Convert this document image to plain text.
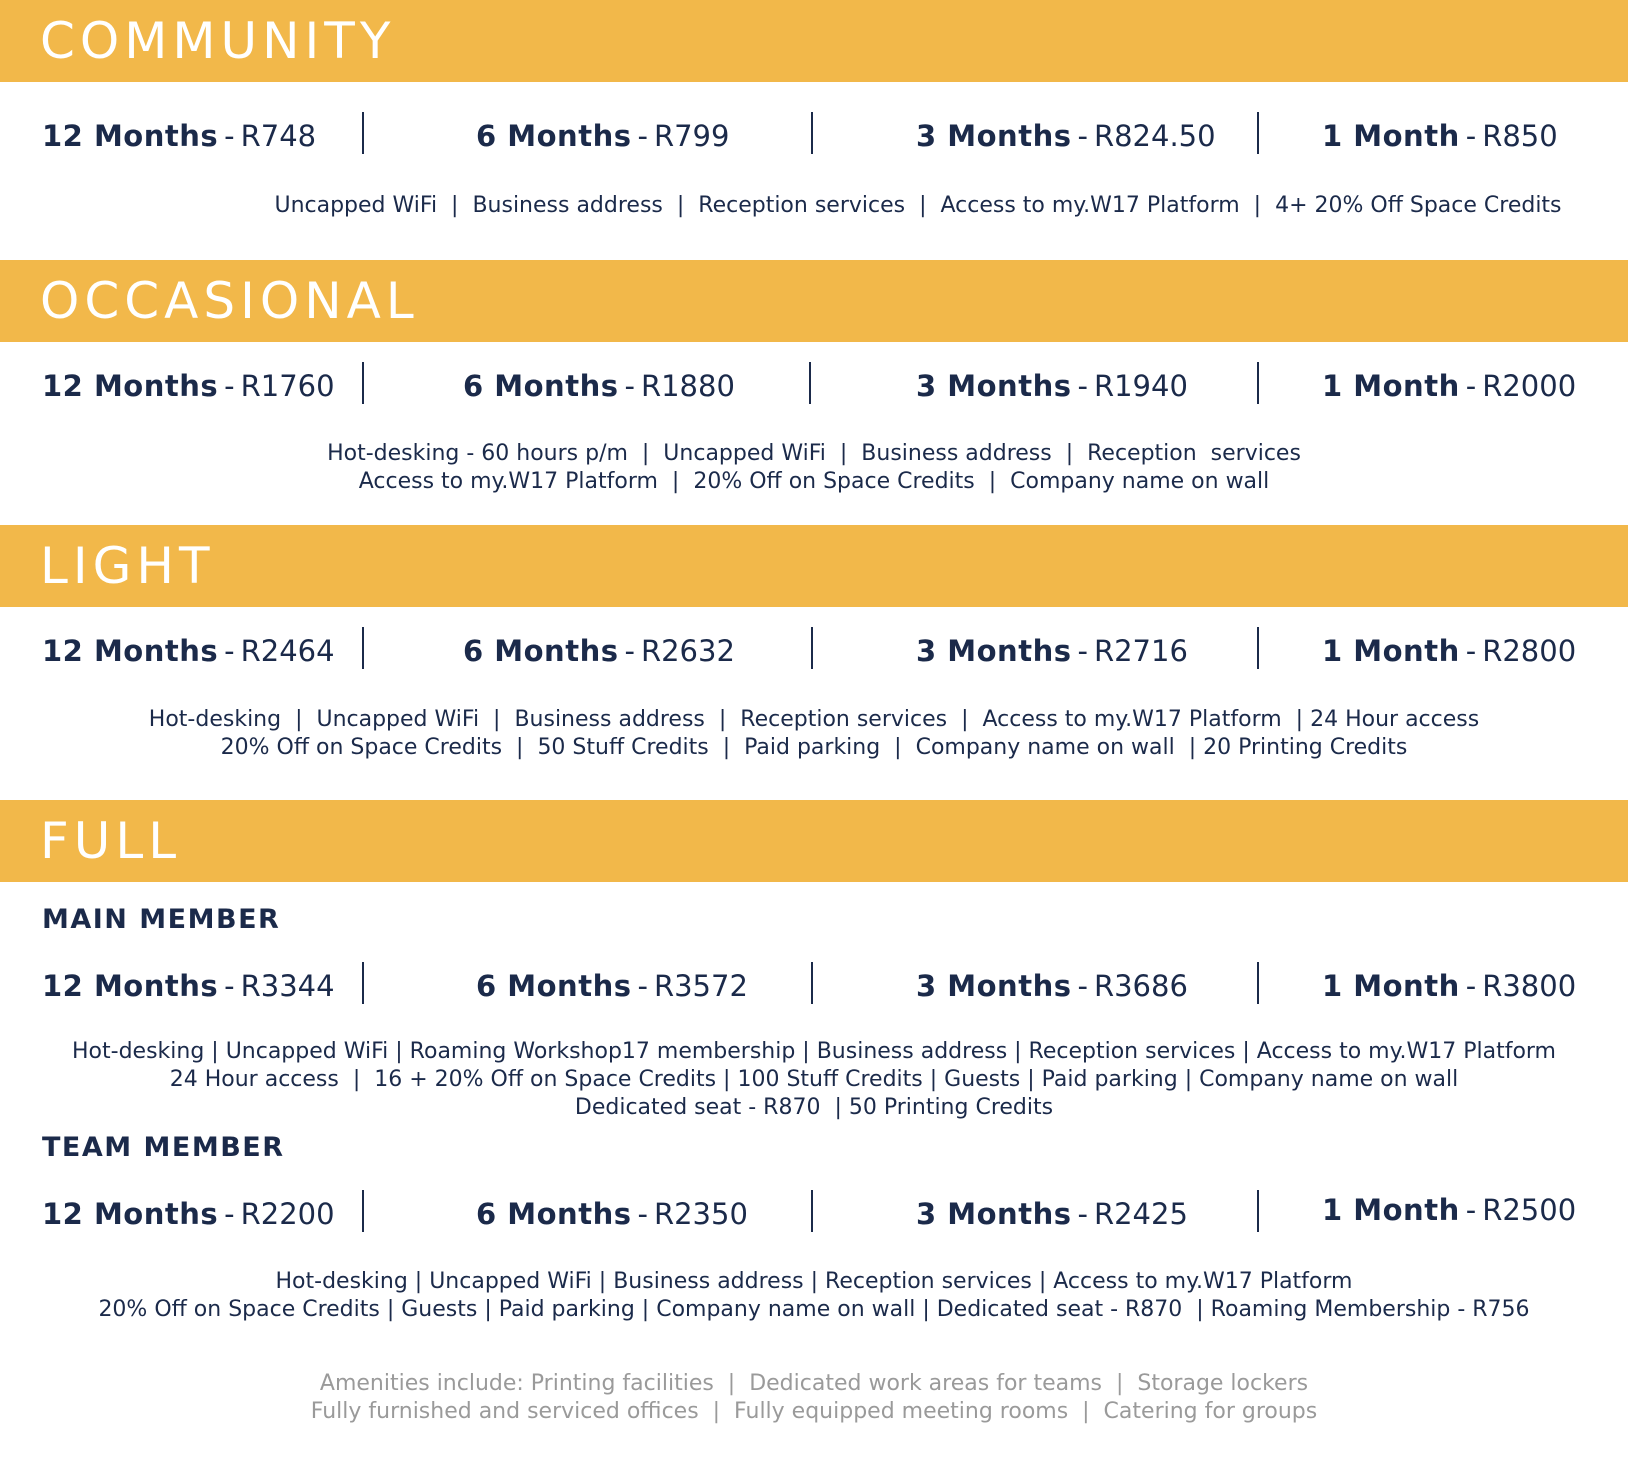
COMMUNITY
12 Months - R748	6 Months - R799	3 Months - R824.50	1 Month - R850
Uncapped WiFi  |  Business address  |  Reception services  |  Access to my.W17 Platform  |  4+ 20% Off Space Credits
OCCASIONAL
12 Months - R1760	6 Months - R1880	3 Months - R1940	1 Month - R2000
Hot-desking - 60 hours p/m  |  Uncapped WiFi  |  Business address  |  Reception  services
Access to my.W17 Platform  |  20% Off on Space Credits  |  Company name on wall
LIGHT
12 Months - R2464	6 Months - R2632	3 Months - R2716	1 Month - R2800
Hot-desking  |  Uncapped WiFi  |  Business address  |  Reception services  |  Access to my.W17 Platform  | 24 Hour access
20% Off on Space Credits  |  50 Stuff Credits  |  Paid parking  |  Company name on wall  | 20 Printing Credits
FULL
MAIN MEMBER
12 Months - R3344	6 Months - R3572	3 Months - R3686	1 Month - R3800
Hot-desking | Uncapped WiFi | Roaming Workshop17 membership | Business address | Reception services | Access to my.W17 Platform
24 Hour access  |  16 + 20% Off on Space Credits | 100 Stuff Credits | Guests | Paid parking | Company name on wall
Dedicated seat - R870  | 50 Printing Credits
TEAM MEMBER
12 Months - R2200	6 Months - R2350	3 Months - R2425	1 Month - R2500
Hot-desking | Uncapped WiFi | Business address | Reception services | Access to my.W17 Platform
20% Off on Space Credits | Guests | Paid parking | Company name on wall | Dedicated seat - R870  | Roaming Membership - R756
Amenities include: Printing facilities  |  Dedicated work areas for teams  |  Storage lockers
Fully furnished and serviced offices  |  Fully equipped meeting rooms  |  Catering for groups
